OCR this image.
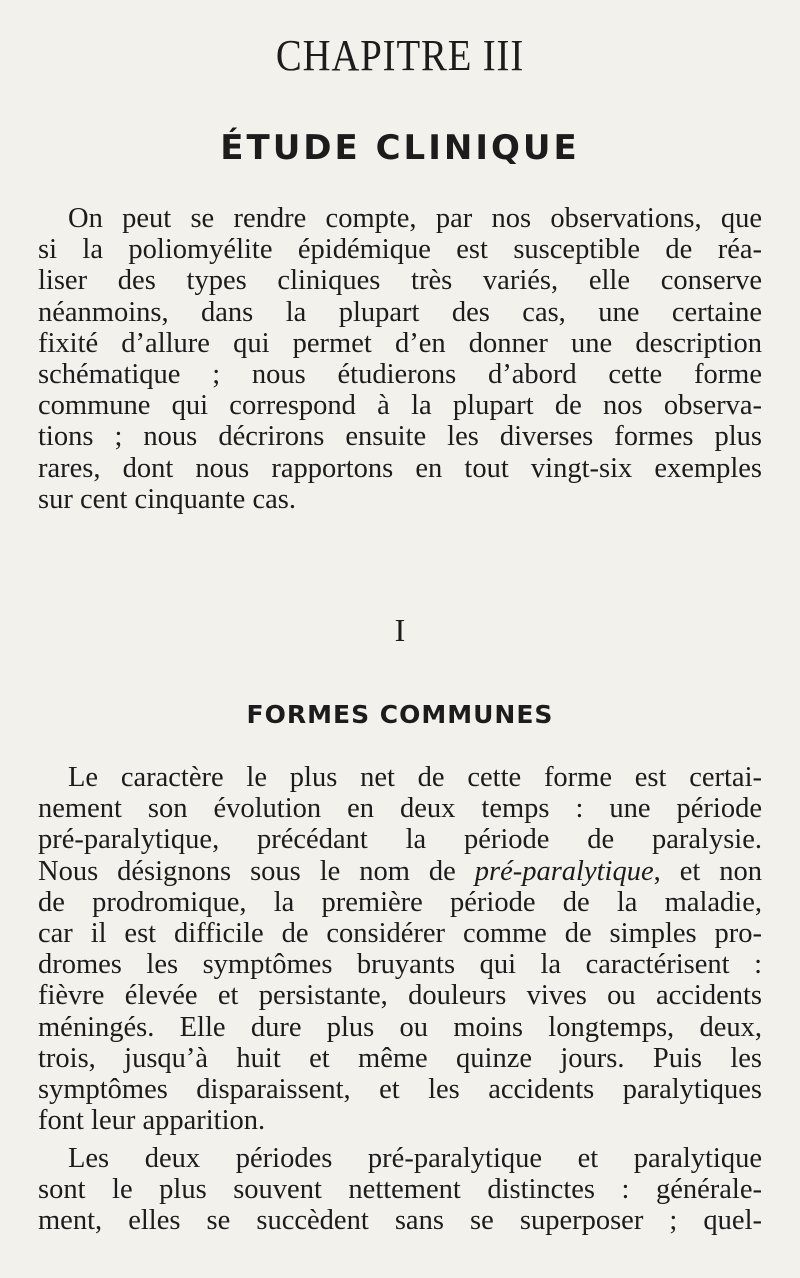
CHAPITRE III
ÉTUDE CLINIQUE
On peut se rendre compte, par nos observations, que
si la poliomyélite épidémique est susceptible de réa-
liser des types cliniques très variés, elle conserve
néanmoins, dans la plupart des cas, une certaine
fixité d’allure qui permet d’en donner une description
schématique ; nous étudierons d’abord cette forme
commune qui correspond à la plupart de nos observa-
tions ; nous décrirons ensuite les diverses formes plus
rares, dont nous rapportons en tout vingt-six exemples
sur cent cinquante cas.
I
FORMES COMMUNES
Le caractère le plus net de cette forme est certai-
nement son évolution en deux temps : une période
pré-paralytique, précédant la période de paralysie.
Nous désignons sous le nom de pré-paralytique, et non
de prodromique, la première période de la maladie,
car il est difficile de considérer comme de simples pro-
dromes les symptômes bruyants qui la caractérisent :
fièvre élevée et persistante, douleurs vives ou accidents
méningés. Elle dure plus ou moins longtemps, deux,
trois, jusqu’à huit et même quinze jours. Puis les
symptômes disparaissent, et les accidents paralytiques
font leur apparition.
Les deux périodes pré-paralytique et paralytique
sont le plus souvent nettement distinctes : générale-
ment, elles se succèdent sans se superposer ; quel-
